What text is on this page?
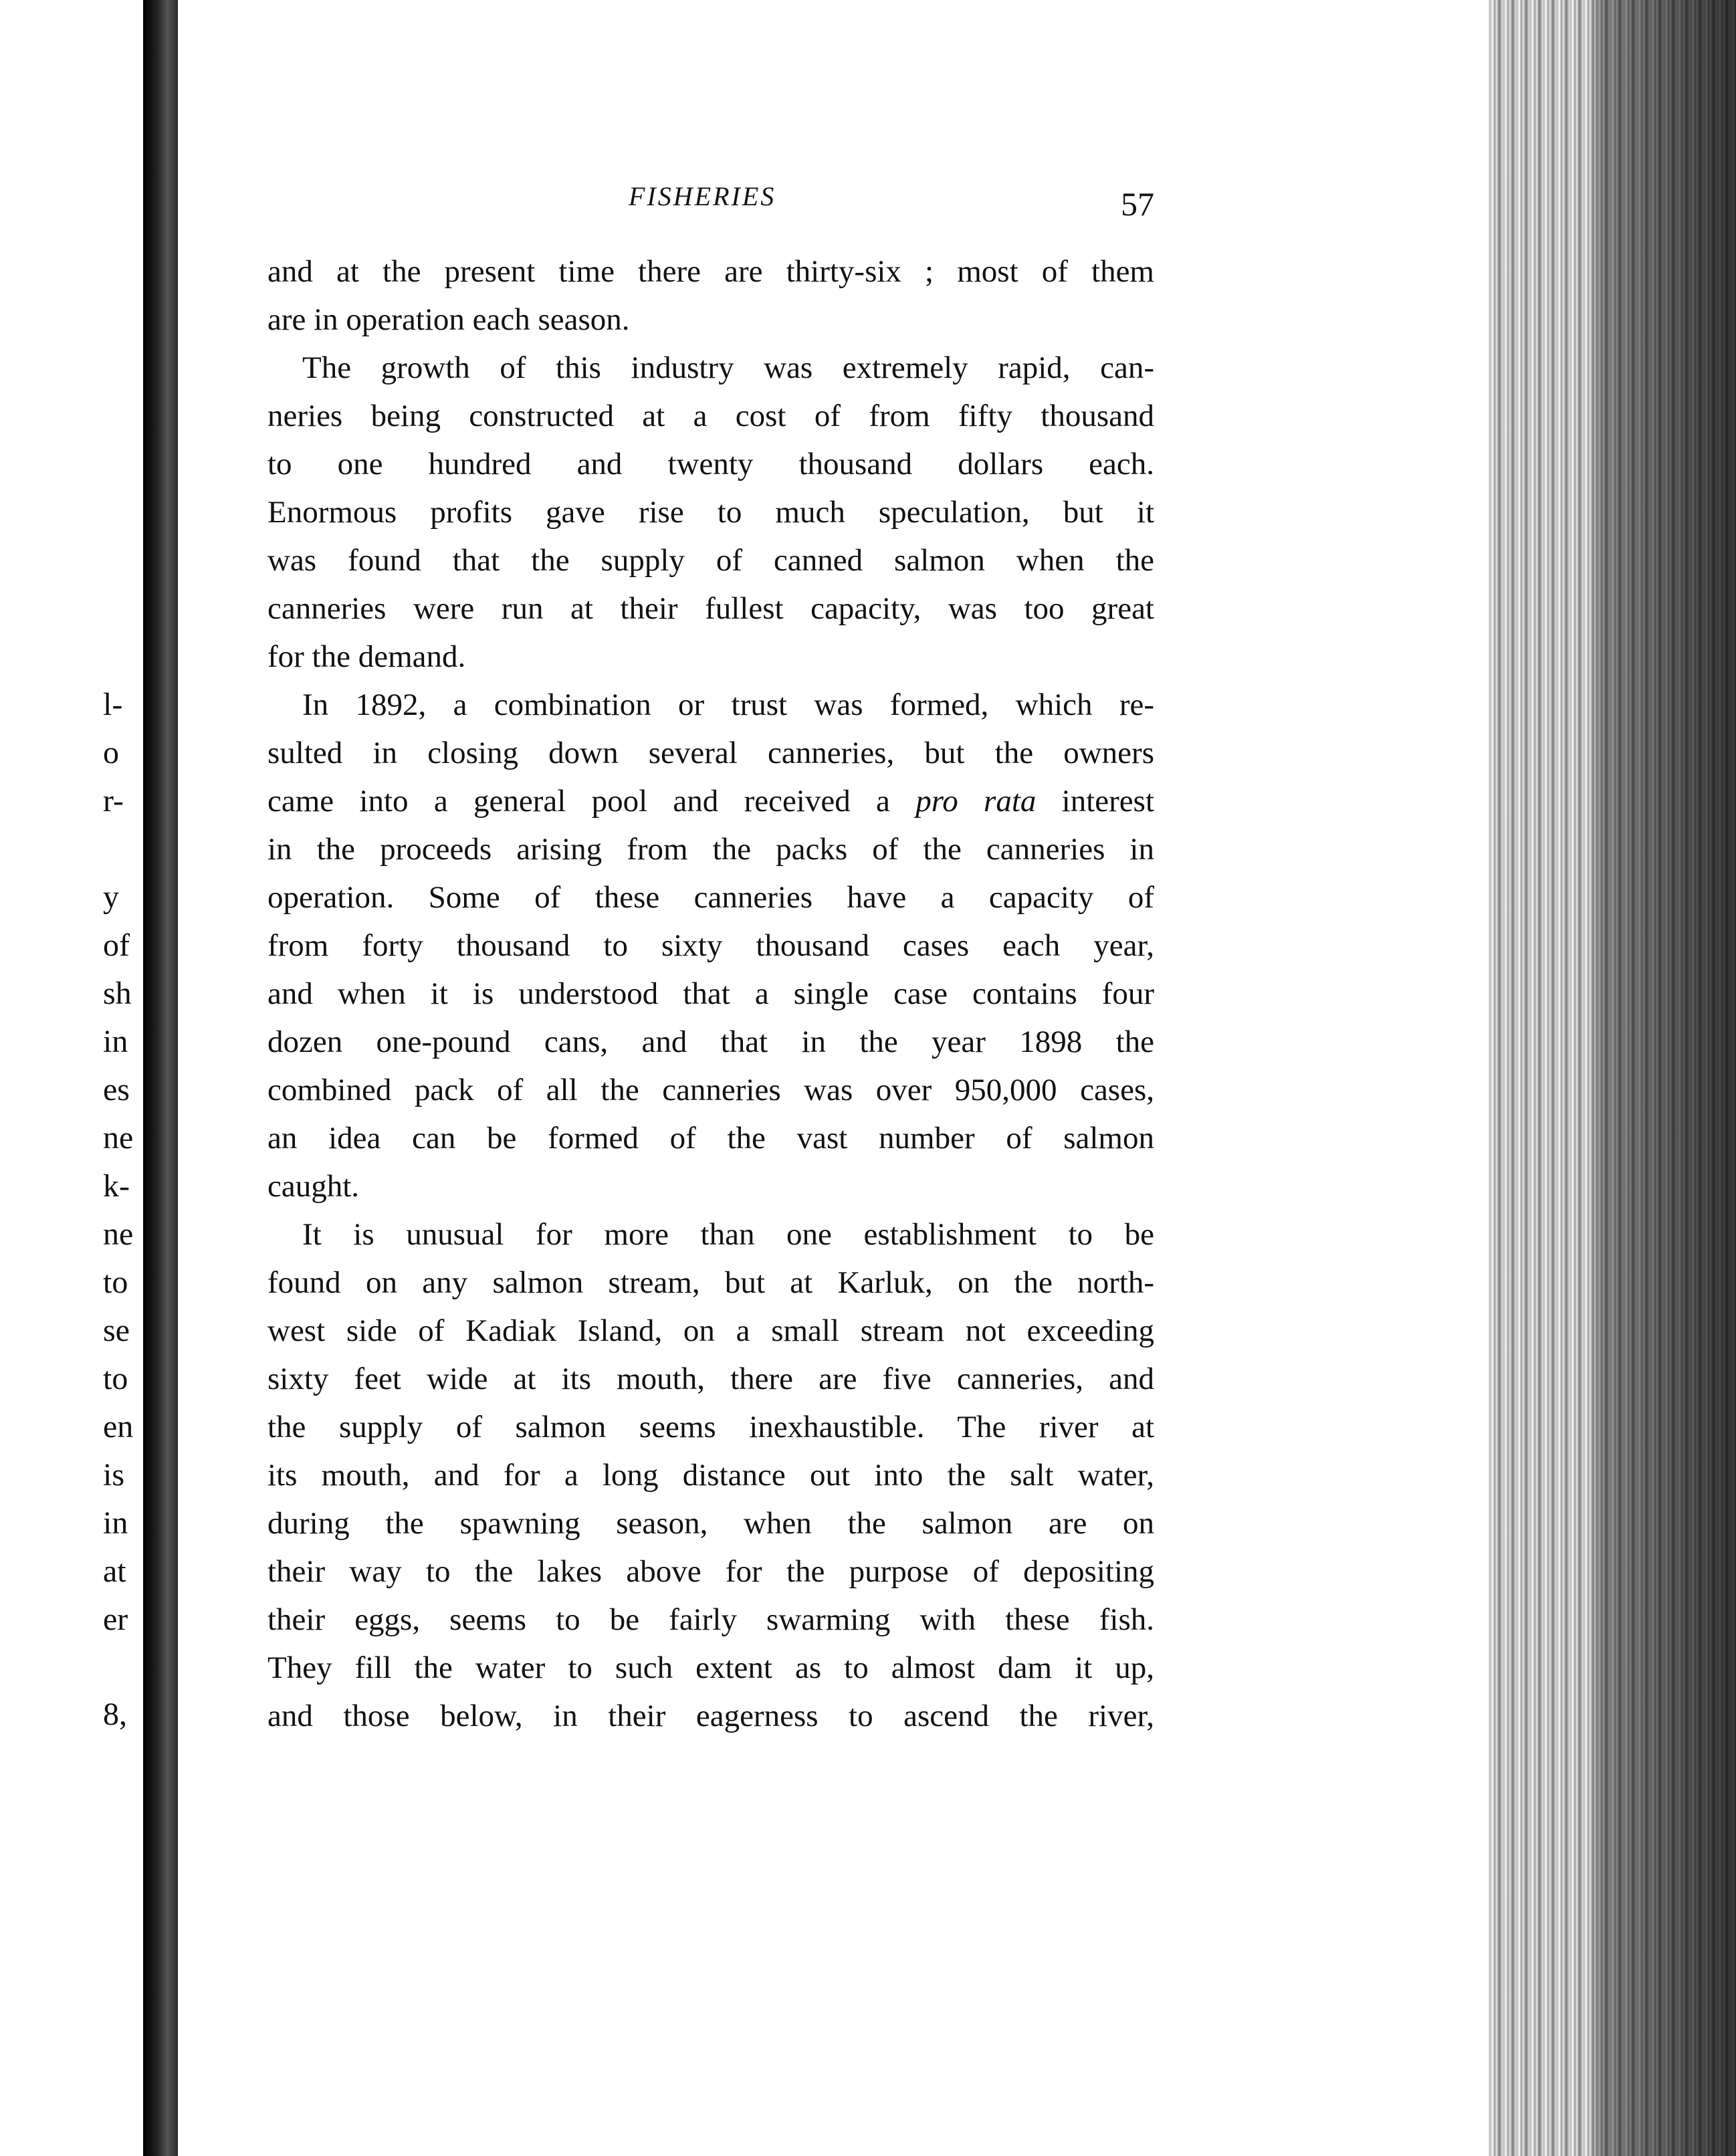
l-
o
r-
y
of
sh
in
es
ne
k-
ne
to
se
to
en
is
in
at
er
8,
FISHERIES	57
and at the present time there are thirty-six ; most of them
are in operation each season.
The growth of this industry was extremely rapid, can-
neries being constructed at a cost of from fifty thousand
to one hundred and twenty thousand dollars each.
Enormous profits gave rise to much speculation, but it
was found that the supply of canned salmon when the
canneries were run at their fullest capacity, was too great
for the demand.
In 1892, a combination or trust was formed, which re-
sulted in closing down several canneries, but the owners
came into a general pool and received a pro rata interest
in the proceeds arising from the packs of the canneries in
operation. Some of these canneries have a capacity of
from forty thousand to sixty thousand cases each year,
and when it is understood that a single case contains four
dozen one-pound cans, and that in the year 1898 the
combined pack of all the canneries was over 950,000 cases,
an idea can be formed of the vast number of salmon
caught.
It is unusual for more than one establishment to be
found on any salmon stream, but at Karluk, on the north-
west side of Kadiak Island, on a small stream not exceeding
sixty feet wide at its mouth, there are five canneries, and
the supply of salmon seems inexhaustible. The river at
its mouth, and for a long distance out into the salt water,
during the spawning season, when the salmon are on
their way to the lakes above for the purpose of depositing
their eggs, seems to be fairly swarming with these fish.
They fill the water to such extent as to almost dam it up,
and those below, in their eagerness to ascend the river,
